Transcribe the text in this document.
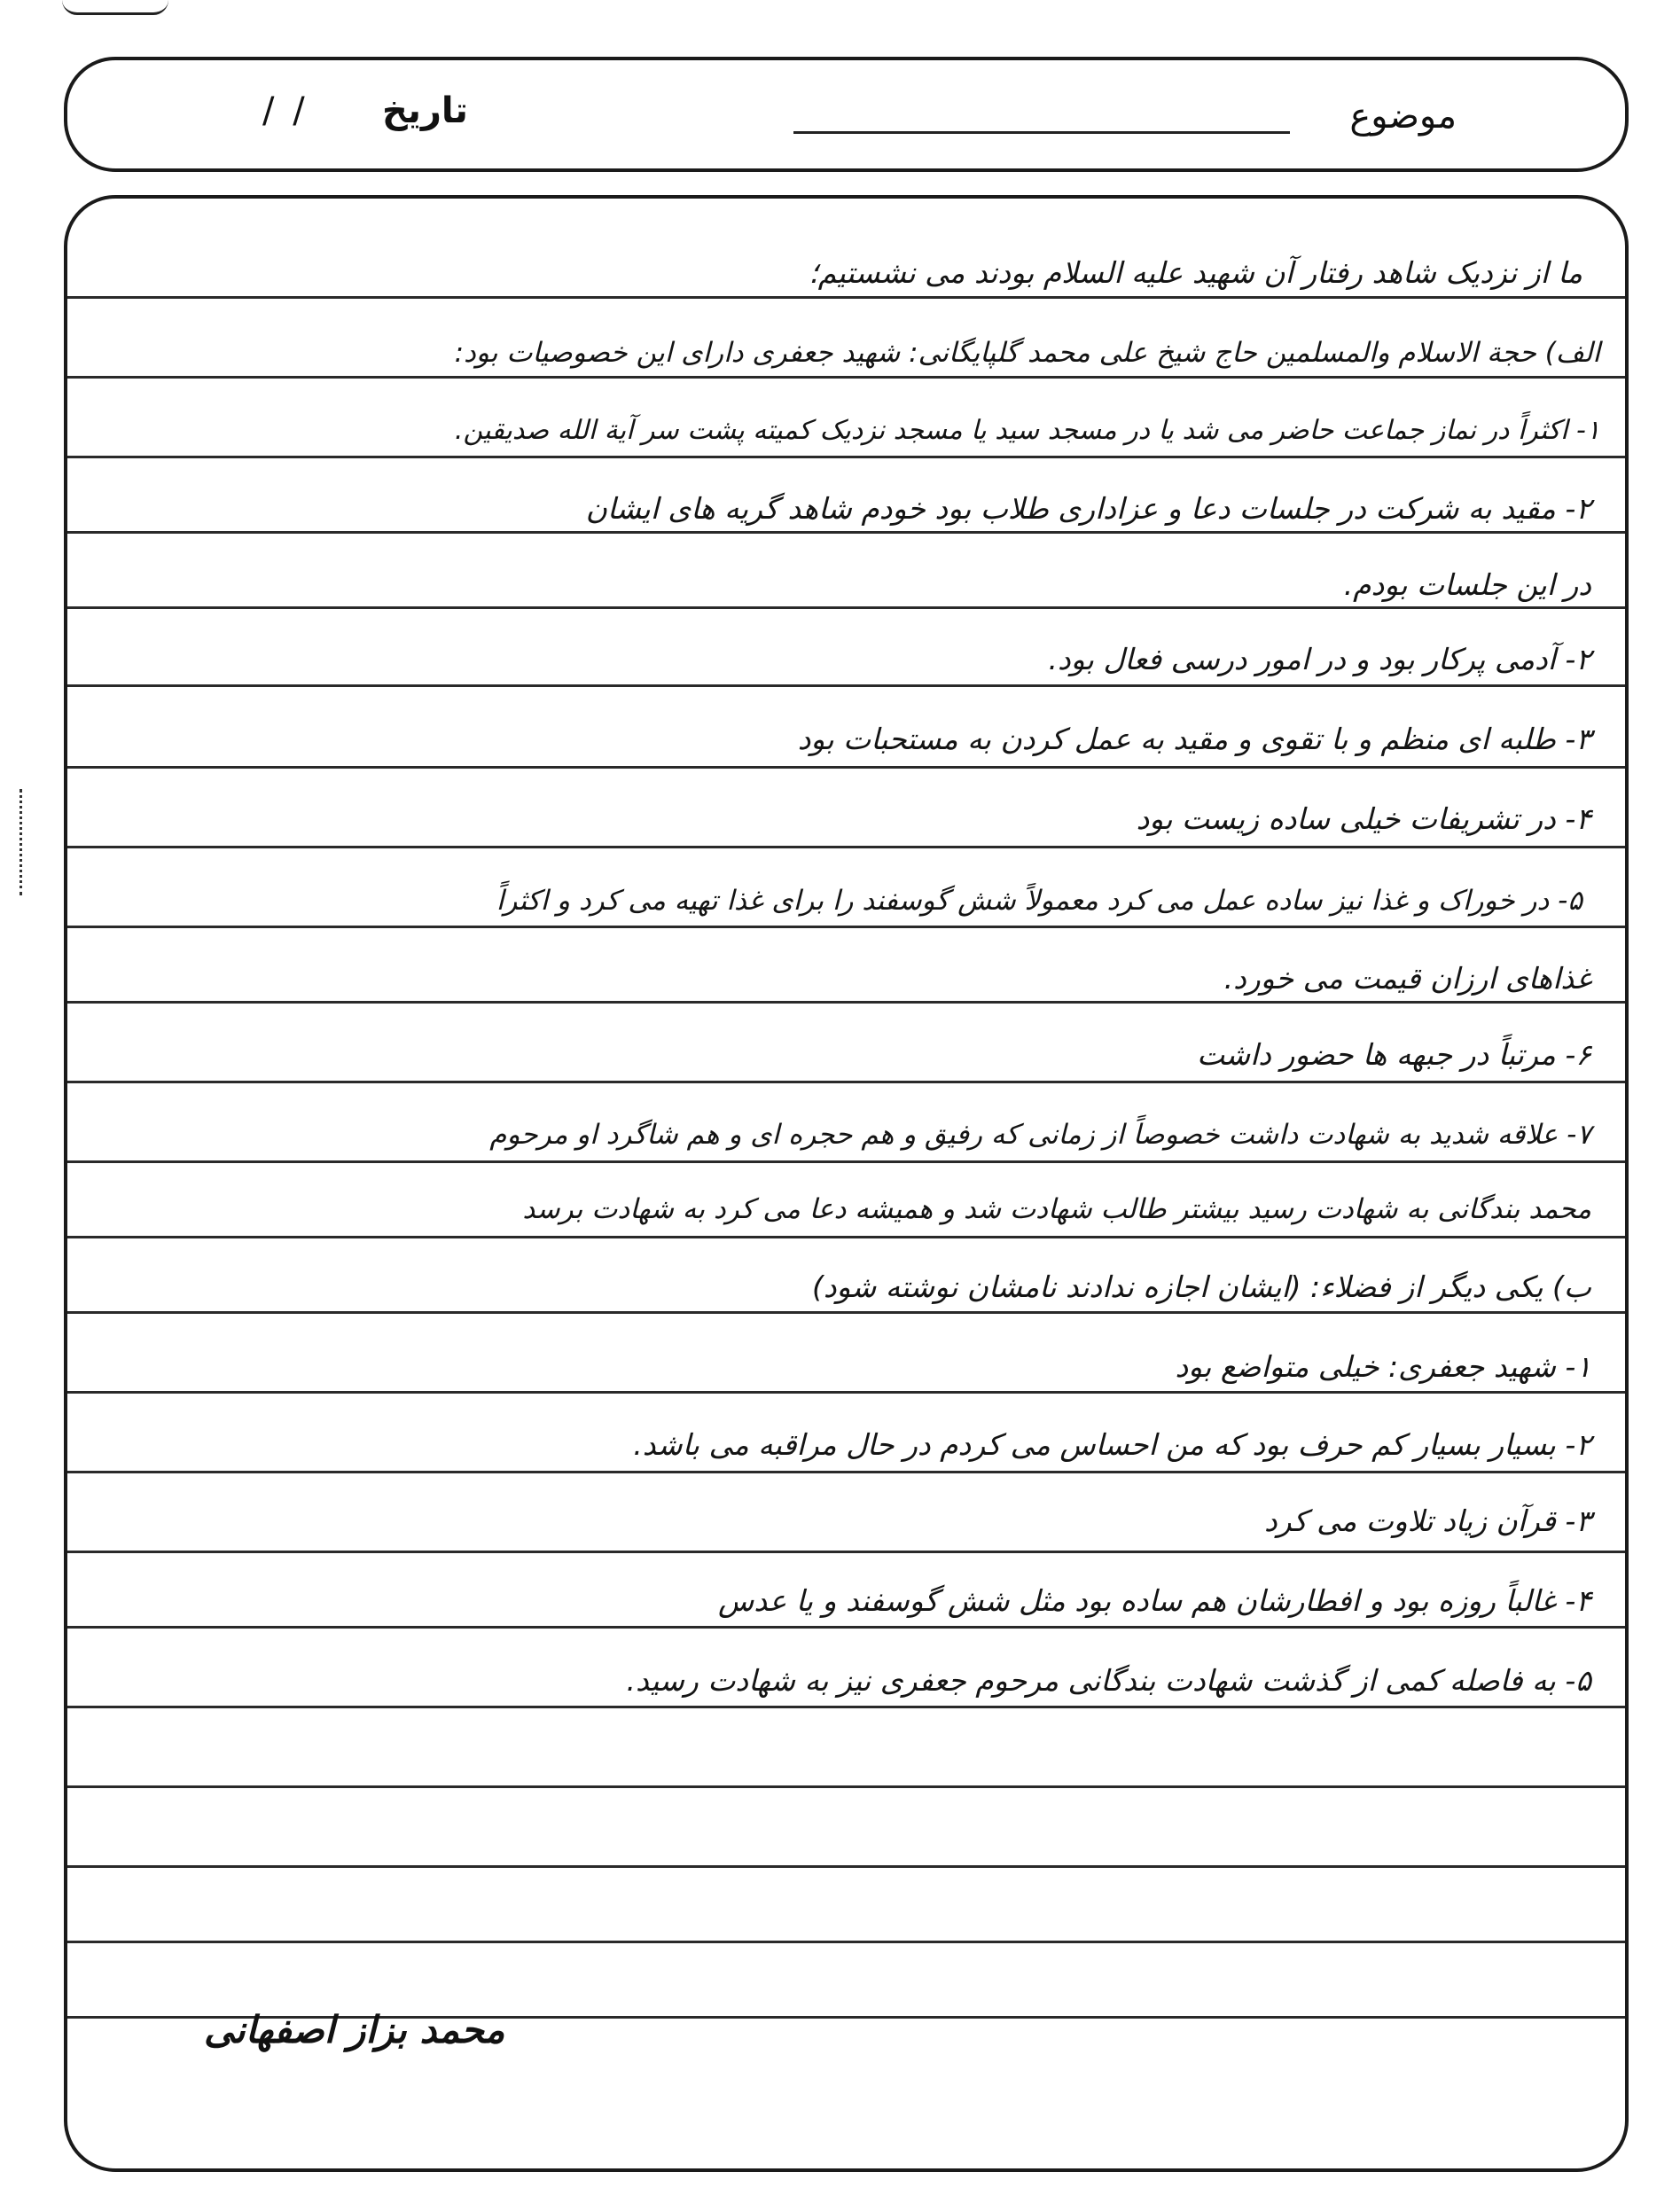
موضوع
تاریخ
/ /
ما از نزدیک شاهد رفتار آن شهید علیه السلام بودند می نشستیم؛
الف) حجة الاسلام والمسلمین حاج شیخ علی محمد گلپایگانی: شهید جعفری دارای این خصوصیات بود:
۱- اکثراً در نماز جماعت حاضر می شد یا در مسجد سید یا مسجد نزدیک کمیته پشت سر آیة الله صدیقین.
۲- مقید به شرکت در جلسات دعا و عزاداری طلاب بود خودم شاهد گریه های ایشان
در این جلسات بودم.
۲- آدمی پرکار بود و در امور درسی فعال بود.
۳- طلبه ای منظم و با تقوی و مقید به عمل کردن به مستحبات بود
۴- در تشریفات خیلی ساده زیست بود
۵- در خوراک و غذا نیز ساده عمل می کرد معمولاً شش گوسفند را برای غذا تهیه می کرد و اکثراً
غذاهای ارزان قیمت می خورد.
۶- مرتباً در جبهه ها حضور داشت
۷- علاقه شدید به شهادت داشت خصوصاً از زمانی که رفیق و هم حجره ای و هم شاگرد او مرحوم
محمد بندگانی به شهادت رسید بیشتر طالب شهادت شد و همیشه دعا می کرد به شهادت برسد
ب) یکی دیگر از فضلاء: (ایشان اجازه ندادند نامشان نوشته شود)
۱- شهید جعفری: خیلی متواضع بود
۲- بسیار بسیار کم حرف بود که من احساس می کردم در حال مراقبه می باشد.
۳- قرآن زیاد تلاوت می کرد
۴- غالباً روزه بود و افطارشان هم ساده بود مثل شش گوسفند و یا عدس
۵- به فاصله کمی از گذشت شهادت بندگانی مرحوم جعفری نیز به شهادت رسید.
محمد بزاز اصفهانی
